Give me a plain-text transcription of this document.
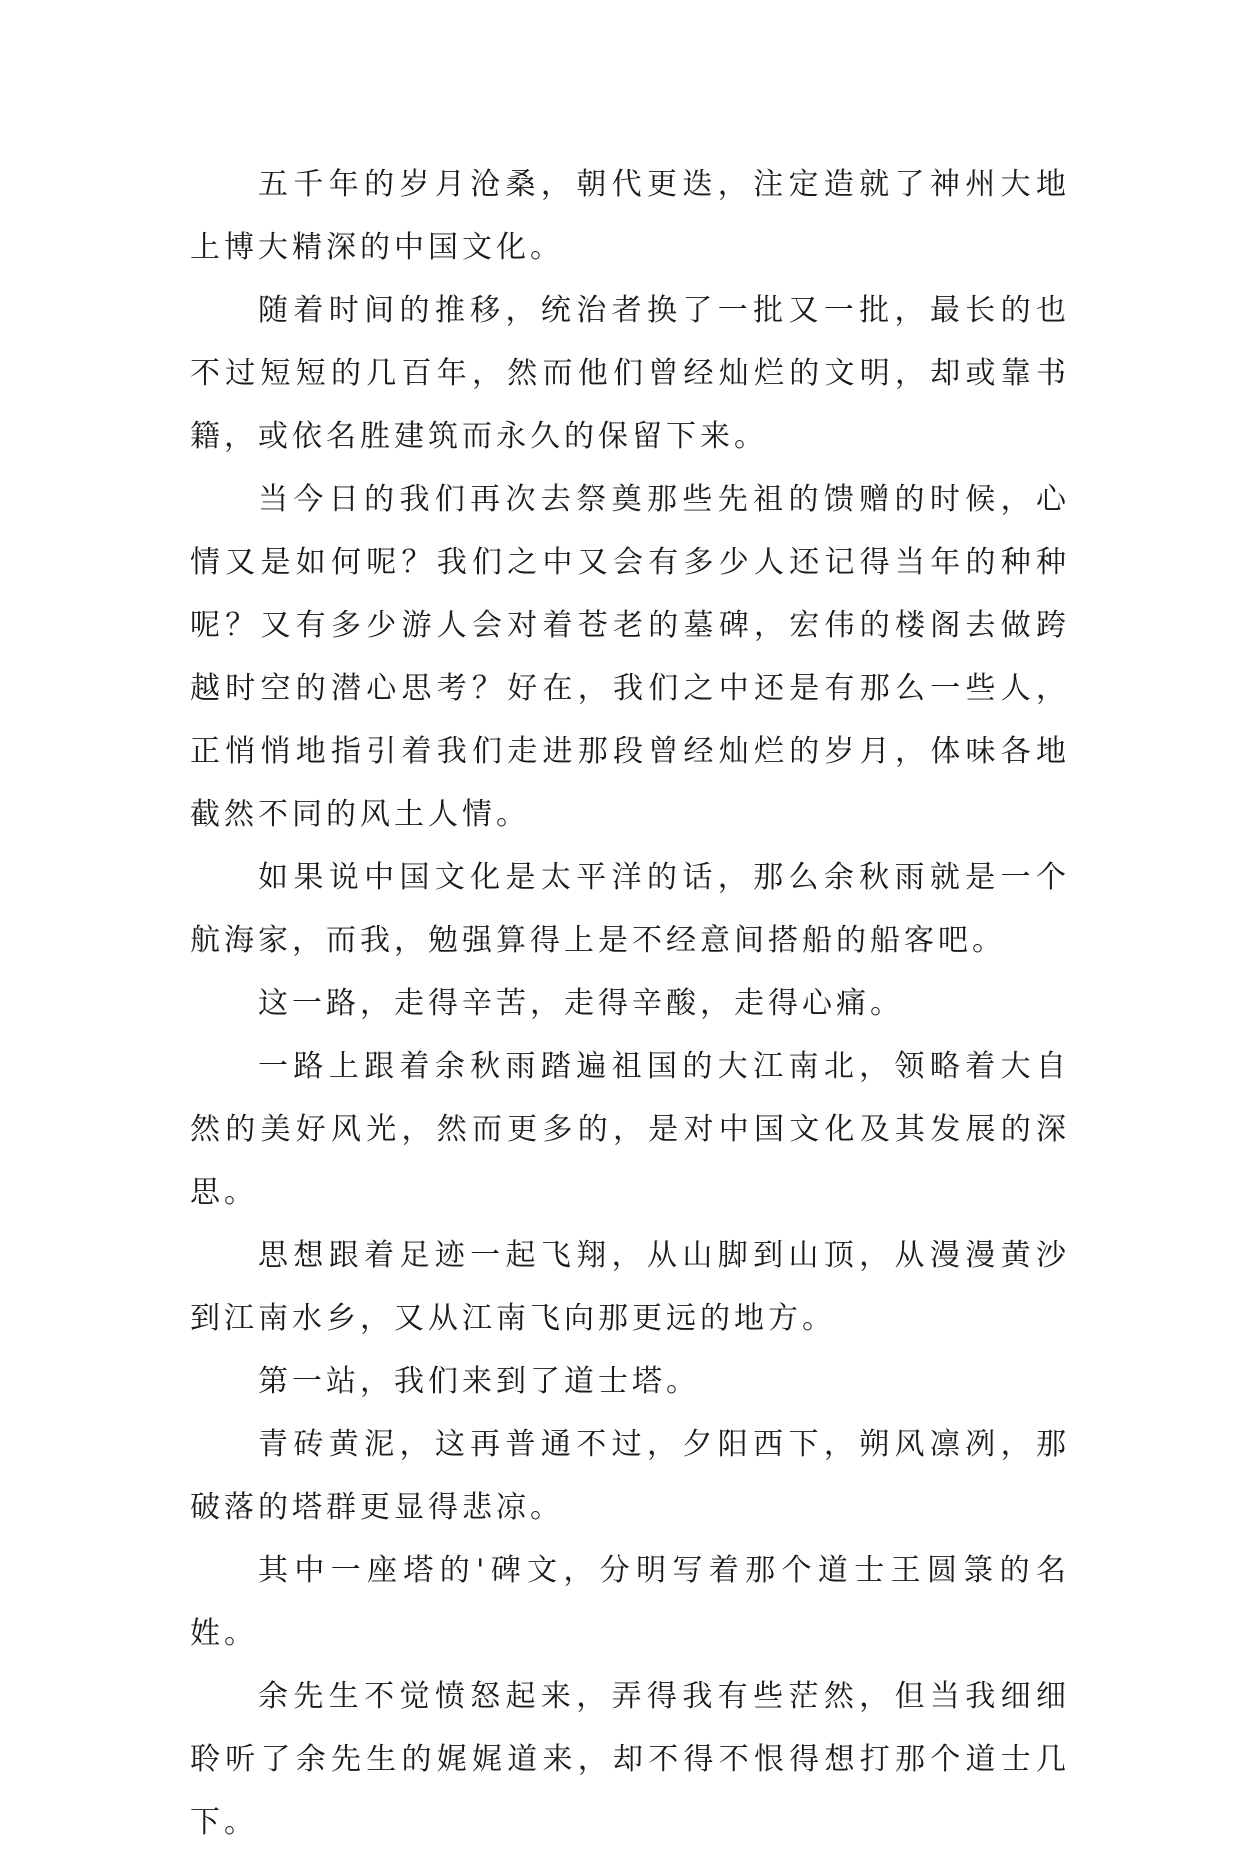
五千年的岁月沧桑，朝代更迭，注定造就了神州大地上博大精深的中国文化。

随着时间的推移，统治者换了一批又一批，最长的也不过短短的几百年，然而他们曾经灿烂的文明，却或靠书籍，或依名胜建筑而永久的保留下来。

当今日的我们再次去祭奠那些先祖的馈赠的时候，心情又是如何呢？我们之中又会有多少人还记得当年的种种呢？又有多少游人会对着苍老的墓碑，宏伟的楼阁去做跨越时空的潜心思考？好在，我们之中还是有那么一些人，正悄悄地指引着我们走进那段曾经灿烂的岁月，体味各地截然不同的风土人情。

如果说中国文化是太平洋的话，那么余秋雨就是一个航海家，而我，勉强算得上是不经意间搭船的船客吧。

这一路，走得辛苦，走得辛酸，走得心痛。

一路上跟着余秋雨踏遍祖国的大江南北，领略着大自然的美好风光，然而更多的，是对中国文化及其发展的深思。

思想跟着足迹一起飞翔，从山脚到山顶，从漫漫黄沙到江南水乡，又从江南飞向那更远的地方。

第一站，我们来到了道士塔。

青砖黄泥，这再普通不过，夕阳西下，朔风凛冽，那破落的塔群更显得悲凉。

其中一座塔的'碑文，分明写着那个道士王圆箓的名姓。

余先生不觉愤怒起来，弄得我有些茫然，但当我细细聆听了余先生的娓娓道来，却不得不恨得想打那个道士几下。
